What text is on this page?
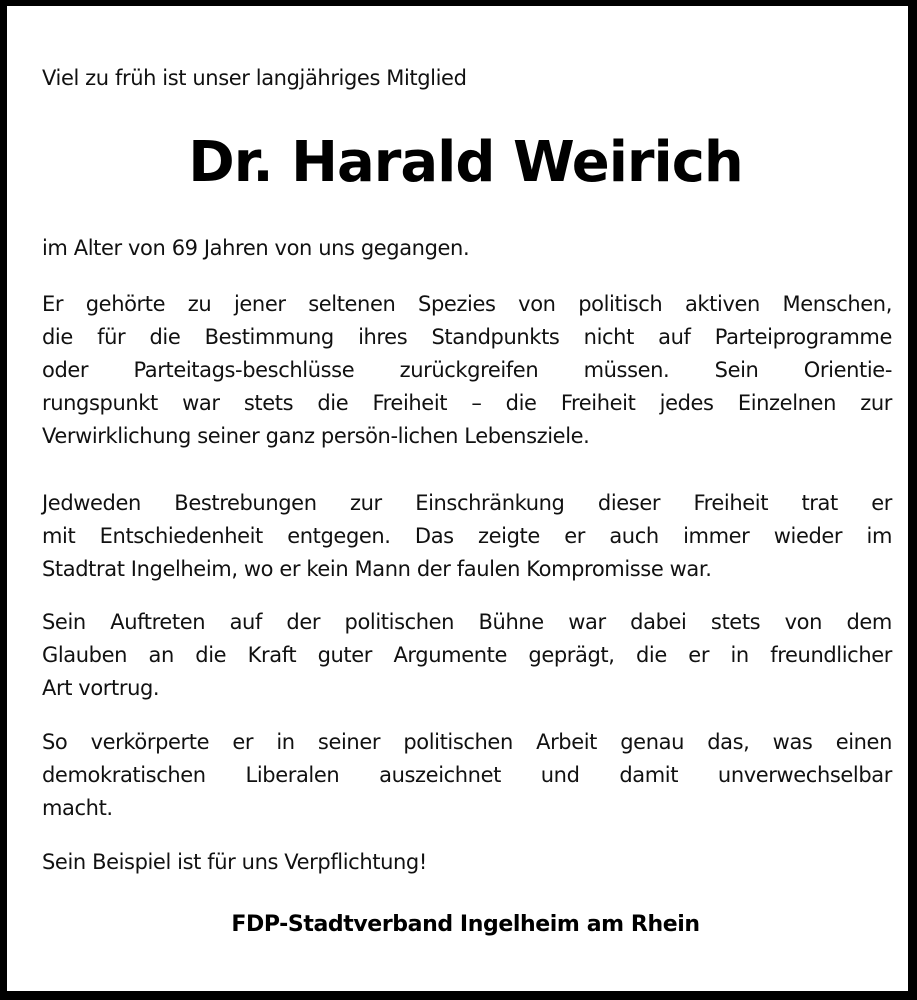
Viel zu früh ist unser langjähriges Mitglied

Dr. Harald Weirich

im Alter von 69 Jahren von uns gegangen.

Er gehörte zu jener seltenen Spezies von politisch aktiven Menschen,
die für die Bestimmung ihres Standpunkts nicht auf Parteiprogramme
oder Parteitags-beschlüsse zurückgreifen müssen. Sein Orientie-
rungspunkt war stets die Freiheit – die Freiheit jedes Einzelnen zur
Verwirklichung seiner ganz persön-lichen Lebensziele.
Jedweden Bestrebungen zur Einschränkung dieser Freiheit trat er
mit Entschiedenheit entgegen. Das zeigte er auch immer wieder im
Stadtrat Ingelheim, wo er kein Mann der faulen Kompromisse war.
Sein Auftreten auf der politischen Bühne war dabei stets von dem
Glauben an die Kraft guter Argumente geprägt, die er in freundlicher
Art vortrug.
So verkörperte er in seiner politischen Arbeit genau das, was einen
demokratischen Liberalen auszeichnet und damit unverwechselbar
macht.
Sein Beispiel ist für uns Verpflichtung!

FDP-Stadtverband Ingelheim am Rhein
